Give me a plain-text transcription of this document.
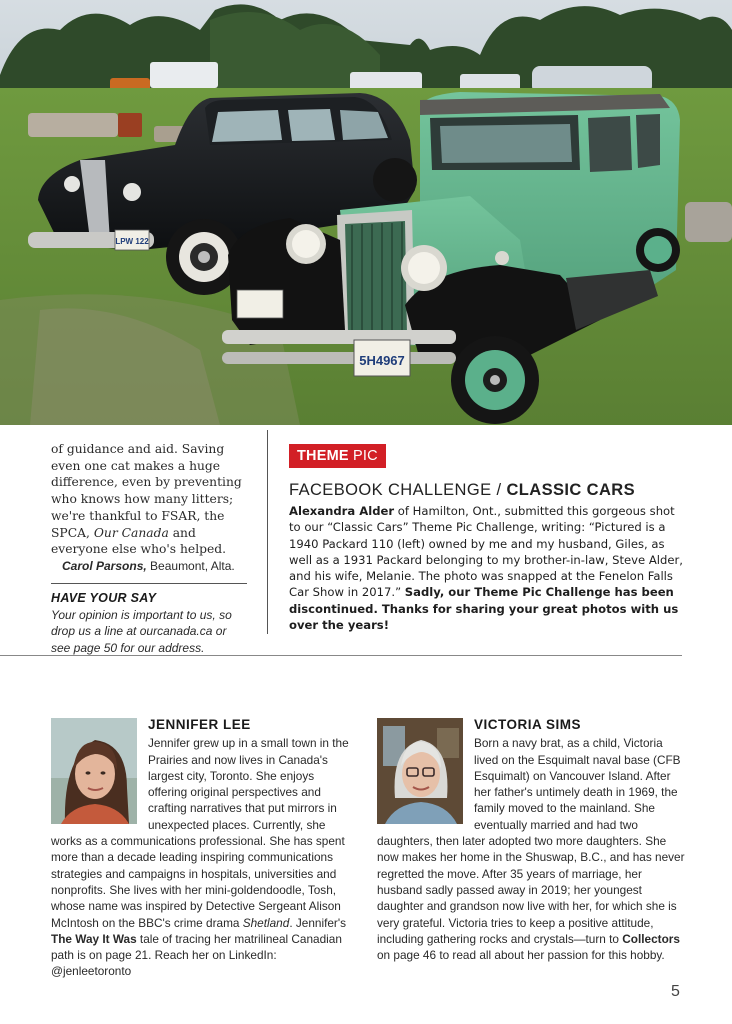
LPW 122
5H4967

of guidance and aid. Saving even one cat makes a huge difference, even by preventing who knows how many litters; we're thankful to FSAR, the SPCA, Our Canada and everyone else who's helped.

Carol Parsons, Beaumont, Alta.
HAVE YOUR SAY
Your opinion is important to us, so drop us a line at ourcanada.ca or see page 50 for our address.
THEME PIC
FACEBOOK CHALLENGE / CLASSIC CARS
Alexandra Alder of Hamilton, Ont., submitted this gorgeous shot to our “Classic Cars” Theme Pic Challenge, writing: “Pictured is a 1940 Packard 110 (left) owned by me and my husband, Giles, as well as a 1931 Packard belonging to my brother-in-law, Steve Alder, and his wife, Melanie. The photo was snapped at the Fenelon Falls Car Show in 2017.” Sadly, our Theme Pic Challenge has been discontinued. Thanks for sharing your great photos with us over the years!
JENNIFER LEE
Jennifer grew up in a small town in the Prairies and now lives in Canada's largest city, Toronto. She enjoys offering original perspectives and crafting narratives that put mirrors in unexpected places. Currently, she works as a communications professional. She has spent more than a decade leading inspiring communications strategies and campaigns in hospitals, universities and nonprofits. She lives with her mini-goldendoodle, Tosh, whose name was inspired by Detective Sergeant Alison McIntosh on the BBC's crime drama Shetland. Jennifer's The Way It Was tale of tracing her matrilineal Canadian path is on page 21. Reach her on LinkedIn: @jenleetoronto
VICTORIA SIMS
Born a navy brat, as a child, Victoria lived on the Esquimalt naval base (CFB Esquimalt) on Vancouver Island. After her father's untimely death in 1969, the family moved to the mainland. She eventually married and had two daughters, then later adopted two more daughters. She now makes her home in the Shuswap, B.C., and has never regretted the move. After 35 years of marriage, her husband sadly passed away in 2019; her youngest daughter and grandson now live with her, for which she is very grateful. Victoria tries to keep a positive attitude, including gathering rocks and crystals—turn to Collectors on page 46 to read all about her passion for this hobby.
5
